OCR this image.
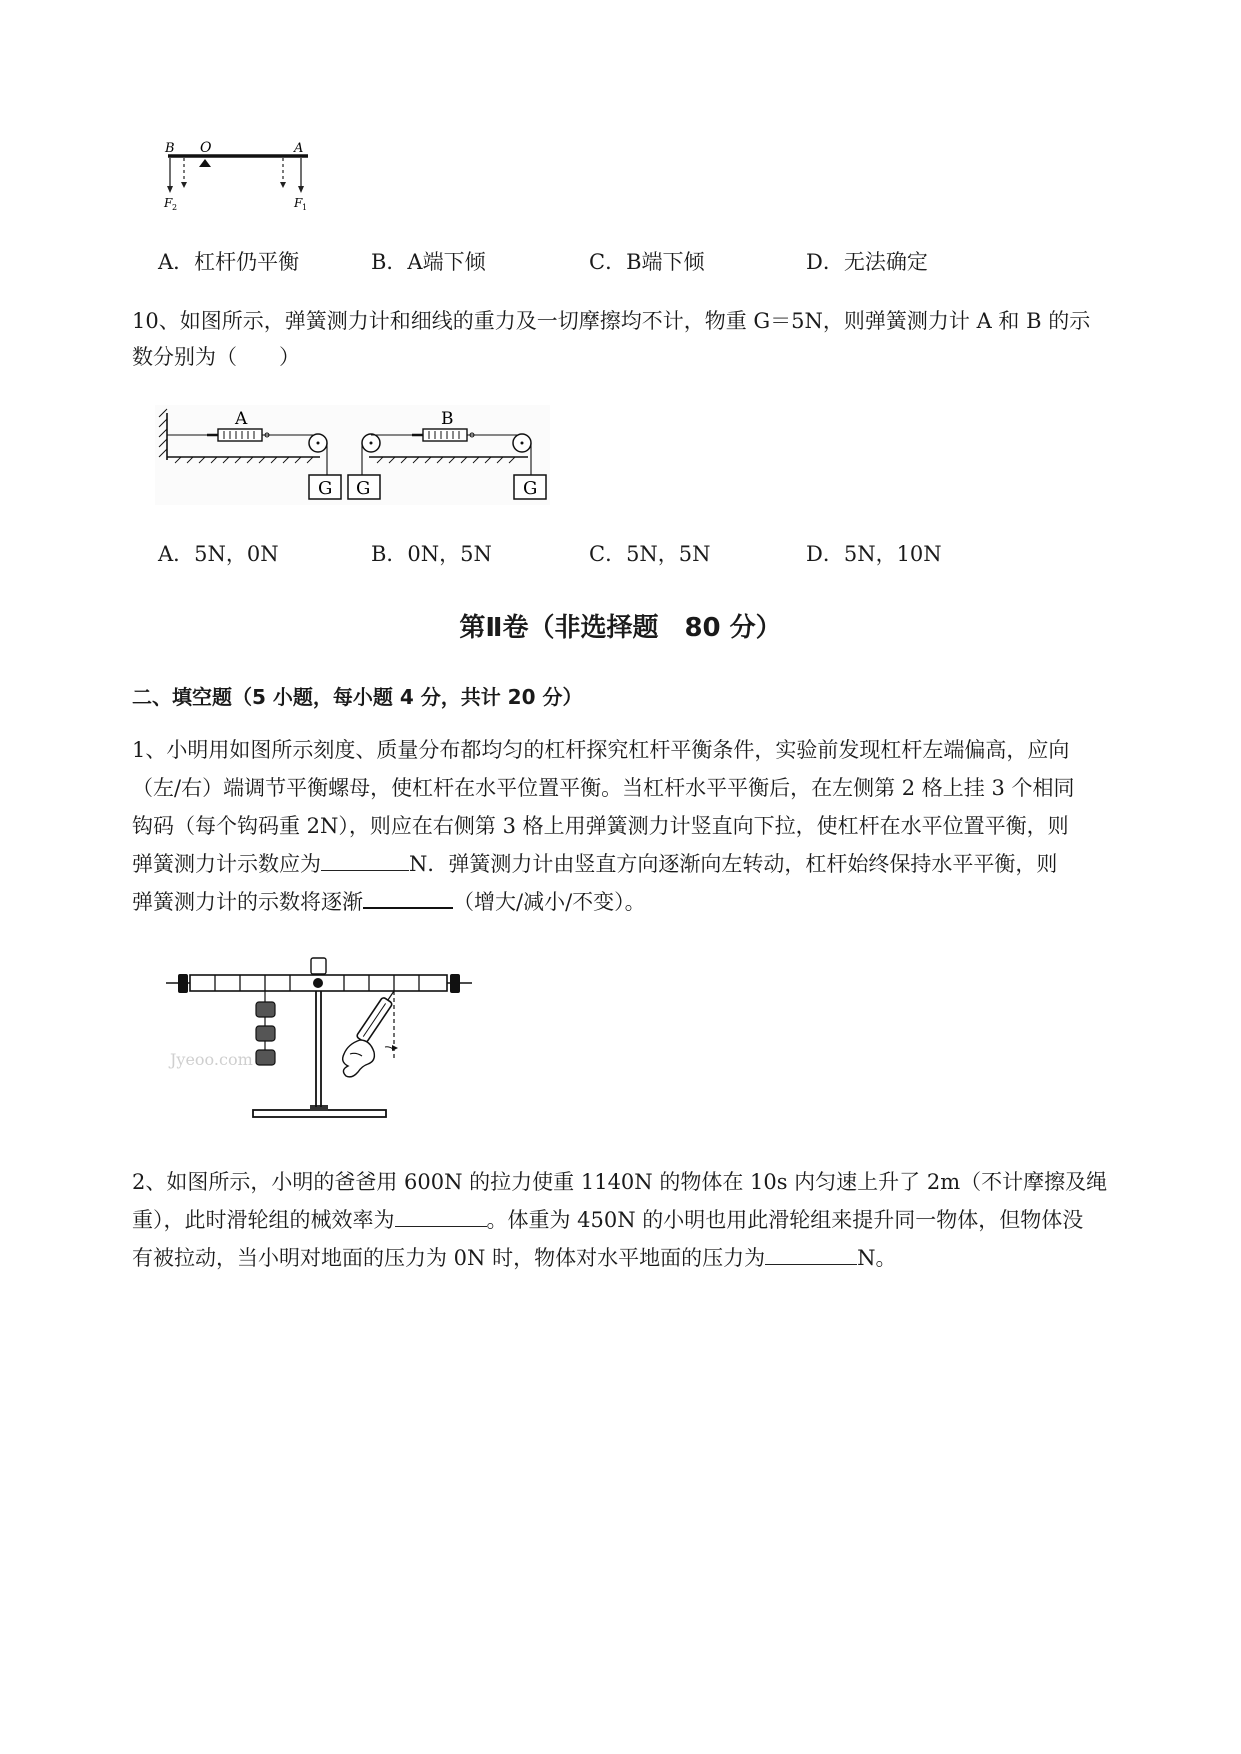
B O	A
F 2	F 1
A．杠杆仍平衡	B．A端下倾	C．B端下倾	D．无法确定
10、如图所示，弹簧测力计和细线的重力及一切摩擦均不计，物重 G＝5N，则弹簧测力计 A 和 B 的示
数分别为（　　）
A
G G
B
G
A．5N，0N	B．0N，5N	C．5N，5N	D．5N，10N
第Ⅱ卷（非选择题　80 分）
二、填空题（5 小题，每小题 4 分，共计 20 分）
1、小明用如图所示刻度、质量分布都均匀的杠杆探究杠杆平衡条件，实验前发现杠杆左端偏高，应向
（左/右）端调节平衡螺母，使杠杆在水平位置平衡。当杠杆水平平衡后，在左侧第 2 格上挂 3 个相同
钩码（每个钩码重 2N），则应在右侧第 3 格上用弹簧测力计竖直向下拉，使杠杆在水平位置平衡，则
弹簧测力计示数应为	N．弹簧测力计由竖直方向逐渐向左转动，杠杆始终保持水平平衡，则
弹簧测力计的示数将逐渐	（增大/减小/不变）。
Jyeoo.com
2、如图所示，小明的爸爸用 600N 的拉力使重 1140N 的物体在 10s 内匀速上升了 2m（不计摩擦及绳
重），此时滑轮组的械效率为	。体重为 450N 的小明也用此滑轮组来提升同一物体，但物体没
有被拉动，当小明对地面的压力为 0N 时，物体对水平地面的压力为	N。
